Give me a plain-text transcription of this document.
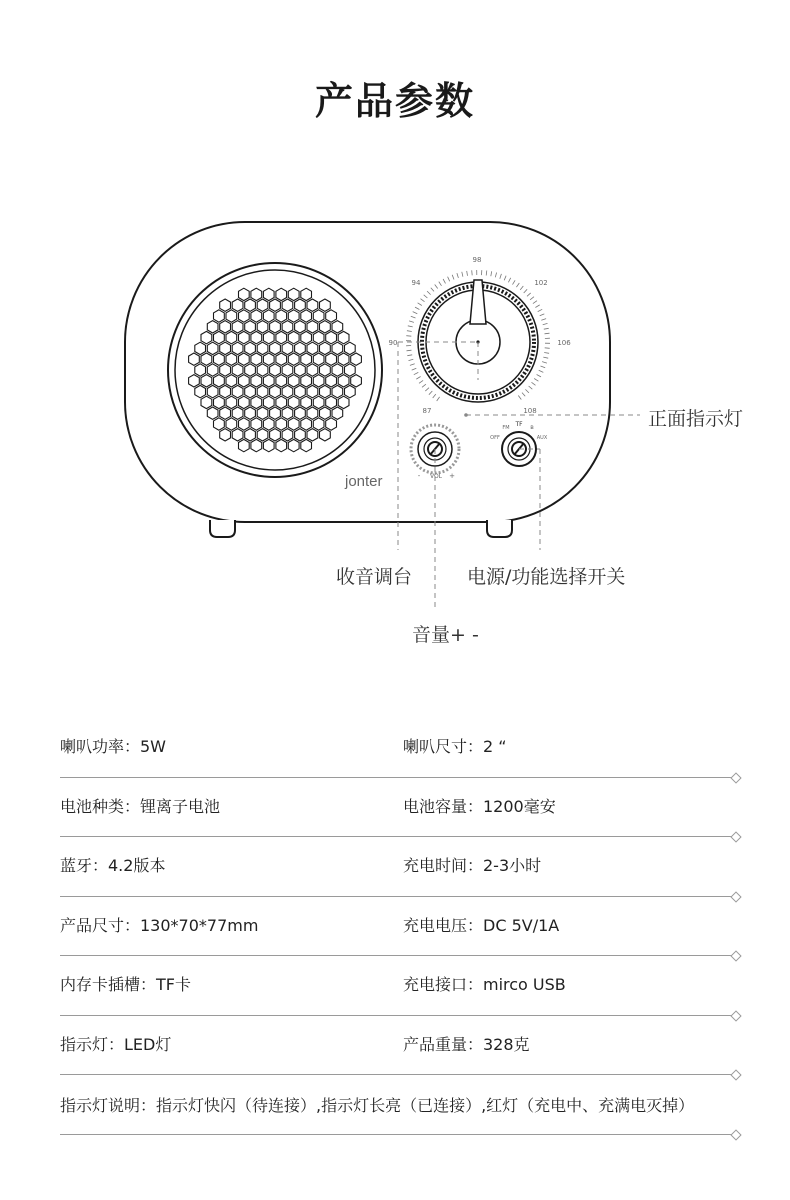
产品参数
jonter
98
94	102
90	106
87	108
- VOL +
FM TF ʙ
OFF	AUX
正面指示灯
收音调台	电源/功能选择开关
音量+ -
喇叭功率：5W	喇叭尺寸：2 “
电池种类：锂离子电池	电池容量：1200毫安
蓝牙：4.2版本	充电时间：2-3小时
产品尺寸：130*70*77mm	充电电压：DC 5V/1A
内存卡插槽：TF卡	充电接口：mirco USB
指示灯：LED灯	产品重量：328克
指示灯说明：指示灯快闪（待连接）,指示灯长亮（已连接）,红灯（充电中、充满电灭掉）
